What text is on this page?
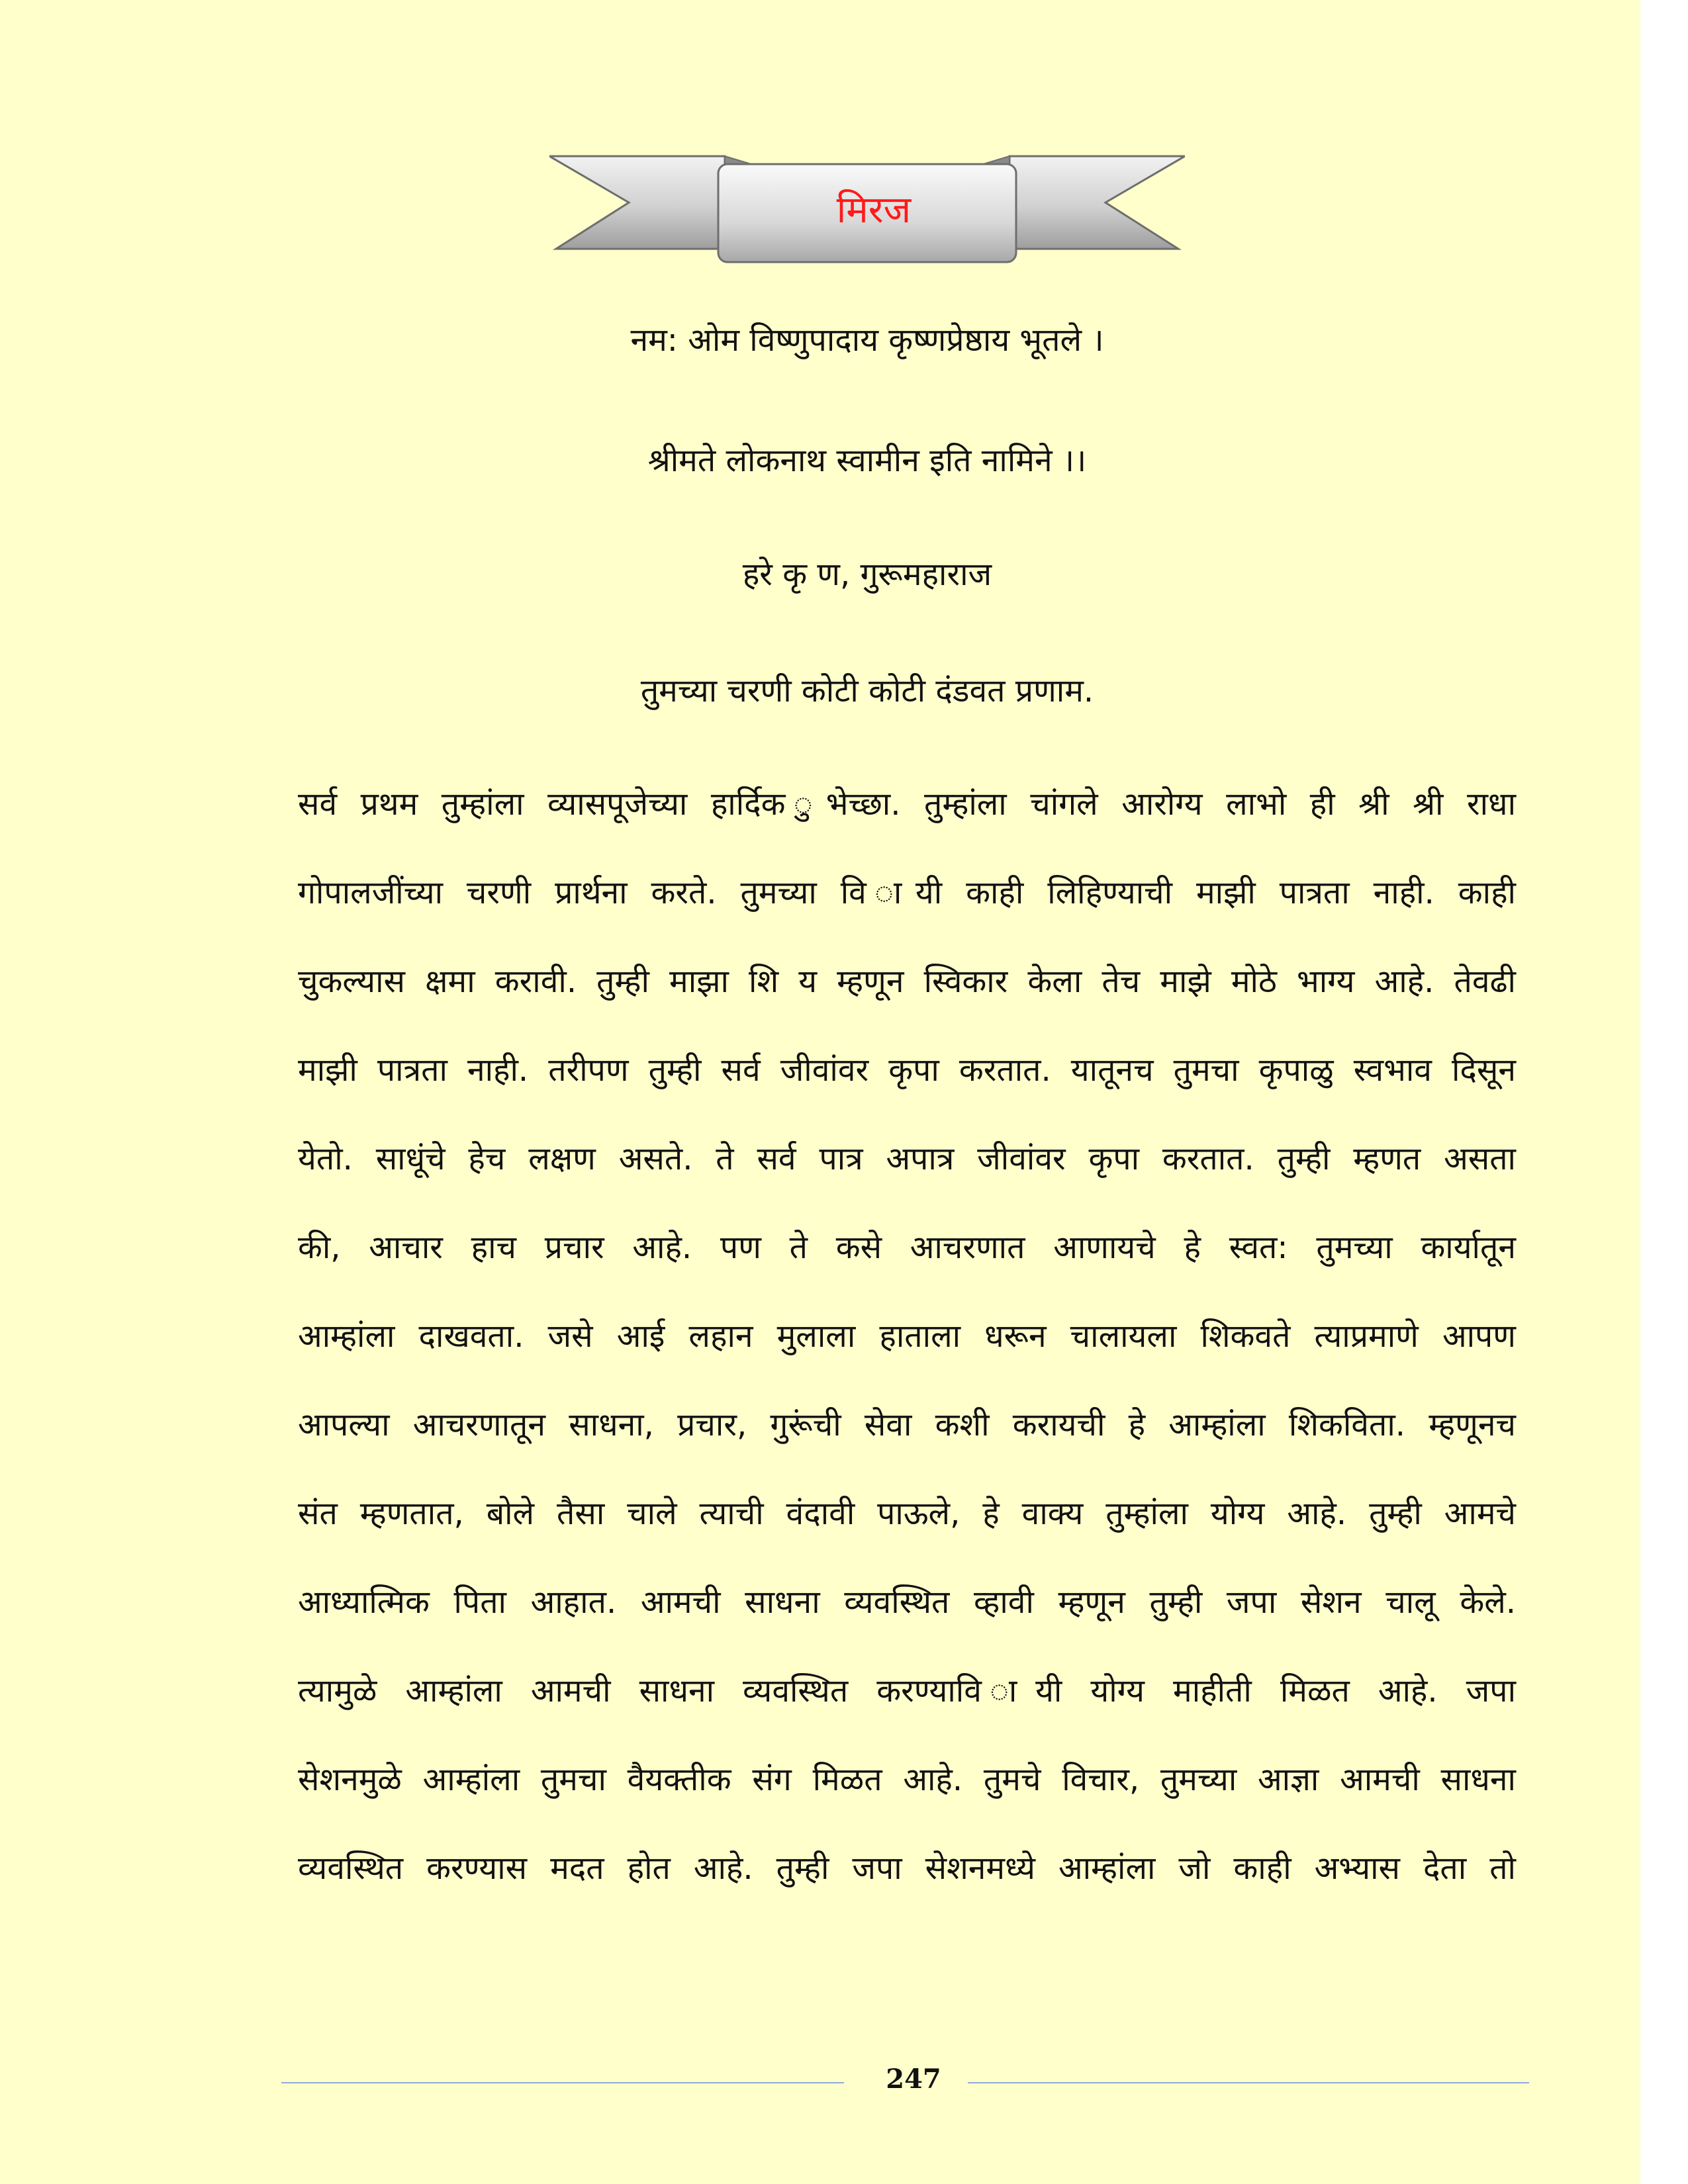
मिरज
नम: ओम विष्णुपादाय कृष्णप्रेष्ठाय भूतले ।
श्रीमते लोकनाथ स्वामीन इति नामिने ।।
हरे कृ ण, गुरूमहाराज
तुमच्या चरणी कोटी कोटी दंडवत प्रणाम.
सर्व प्रथम तुम्हांला व्यासपूजेच्या हार्दिक ुभेच्छा. तुम्हांला चांगले आरोग्य लाभो ही श्री श्री राधा
गोपालजींच्या चरणी प्रार्थना करते. तुमच्या वि ायी काही लिहिण्याची माझी पात्रता नाही. काही
चुकल्यास क्षमा करावी. तुम्ही माझा शि य म्हणून स्विकार केला तेच माझे मोठे भाग्य आहे. तेवढी
माझी पात्रता नाही. तरीपण तुम्ही सर्व जीवांवर कृपा करतात. यातूनच तुमचा कृपाळु स्वभाव दिसून
येतो. साधूंचे हेच लक्षण असते. ते सर्व पात्र अपात्र जीवांवर कृपा करतात. तुम्ही म्हणत असता
की, आचार हाच प्रचार आहे. पण ते कसे आचरणात आणायचे हे स्वत: तुमच्या कार्यातून
आम्हांला दाखवता. जसे आई लहान मुलाला हाताला धरून चालायला शिकवते त्याप्रमाणे आपण
आपल्या आचरणातून साधना, प्रचार, गुरूंची सेवा कशी करायची हे आम्हांला शिकविता. म्हणूनच
संत म्हणतात, बोले तैसा चाले त्याची वंदावी पाऊले, हे वाक्य तुम्हांला योग्य आहे. तुम्ही आमचे
आध्यात्मिक पिता आहात. आमची साधना व्यवस्थित व्हावी म्हणून तुम्ही जपा सेशन चालू केले.
त्यामुळे आम्हांला आमची साधना व्यवस्थित करण्यावि ायी योग्य माहीती मिळत आहे. जपा
सेशनमुळे आम्हांला तुमचा वैयक्तीक संग मिळत आहे. तुमचे विचार, तुमच्या आज्ञा आमची साधना
व्यवस्थित करण्यास मदत होत आहे. तुम्ही जपा सेशनमध्ये आम्हांला जो काही अभ्यास देता तो
247
